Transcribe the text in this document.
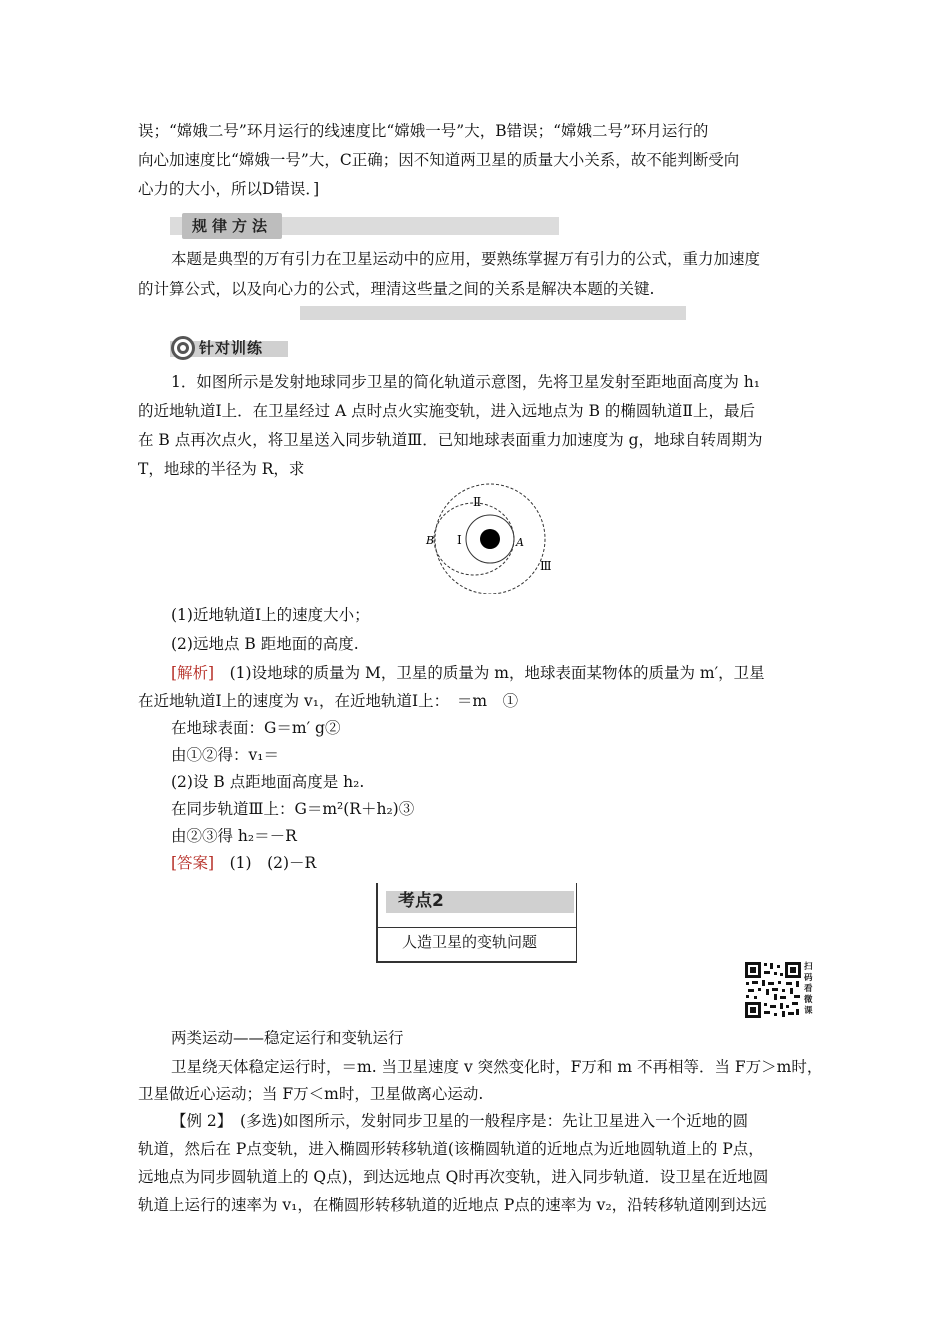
误；“嫦娥二号”环月运行的线速度比“嫦娥一号”大，B错误；“嫦娥二号”环月运行的
向心加速度比“嫦娥一号”大，C正确；因不知道两卫星的质量大小关系，故不能判断受向
心力的大小，所以D错误．]
规律方法
本题是典型的万有引力在卫星运动中的应用，要熟练掌握万有引力的公式，重力加速度
的计算公式，以及向心力的公式，理清这些量之间的关系是解决本题的关键.
针对训练
1．如图所示是发射地球同步卫星的简化轨道示意图，先将卫星发射至距地面高度为 h₁
的近地轨道Ⅰ上．在卫星经过 A 点时点火实施变轨，进入远地点为 B 的椭圆轨道Ⅱ上，最后
在 B 点再次点火，将卫星送入同步轨道Ⅲ．已知地球表面重力加速度为 g，地球自转周期为
T，地球的半径为 R，求
Ⅱ
Ⅰ
B	A
Ⅲ
(1)近地轨道Ⅰ上的速度大小；
(2)远地点 B 距地面的高度.
[解析]　(1)设地球的质量为 M，卫星的质量为 m，地球表面某物体的质量为 m′，卫星
在近地轨道Ⅰ上的速度为 v₁，在近地轨道Ⅰ上：　＝m　①
在地球表面：G＝m′ g②
由①②得：v₁＝
(2)设 B 点距地面高度是 h₂.
在同步轨道Ⅲ上：G＝m²(R＋h₂)③
由②③得 h₂＝－R
[答案]　(1)　(2)－R
考点2
人造卫星的变轨问题
扫码看微课
两类运动——稳定运行和变轨运行
卫星绕天体稳定运行时，＝m. 当卫星速度 v 突然变化时，F万和 m 不再相等．当 F万＞m时，
卫星做近心运动；当 F万＜m时，卫星做离心运动.
【例 2】　(多选)如图所示，发射同步卫星的一般程序是：先让卫星进入一个近地的圆
轨道，然后在 P点变轨，进入椭圆形转移轨道(该椭圆轨道的近地点为近地圆轨道上的 P点，
远地点为同步圆轨道上的 Q点)，到达远地点 Q时再次变轨，进入同步轨道．设卫星在近地圆
轨道上运行的速率为 v₁，在椭圆形转移轨道的近地点 P点的速率为 v₂，沿转移轨道刚到达远
